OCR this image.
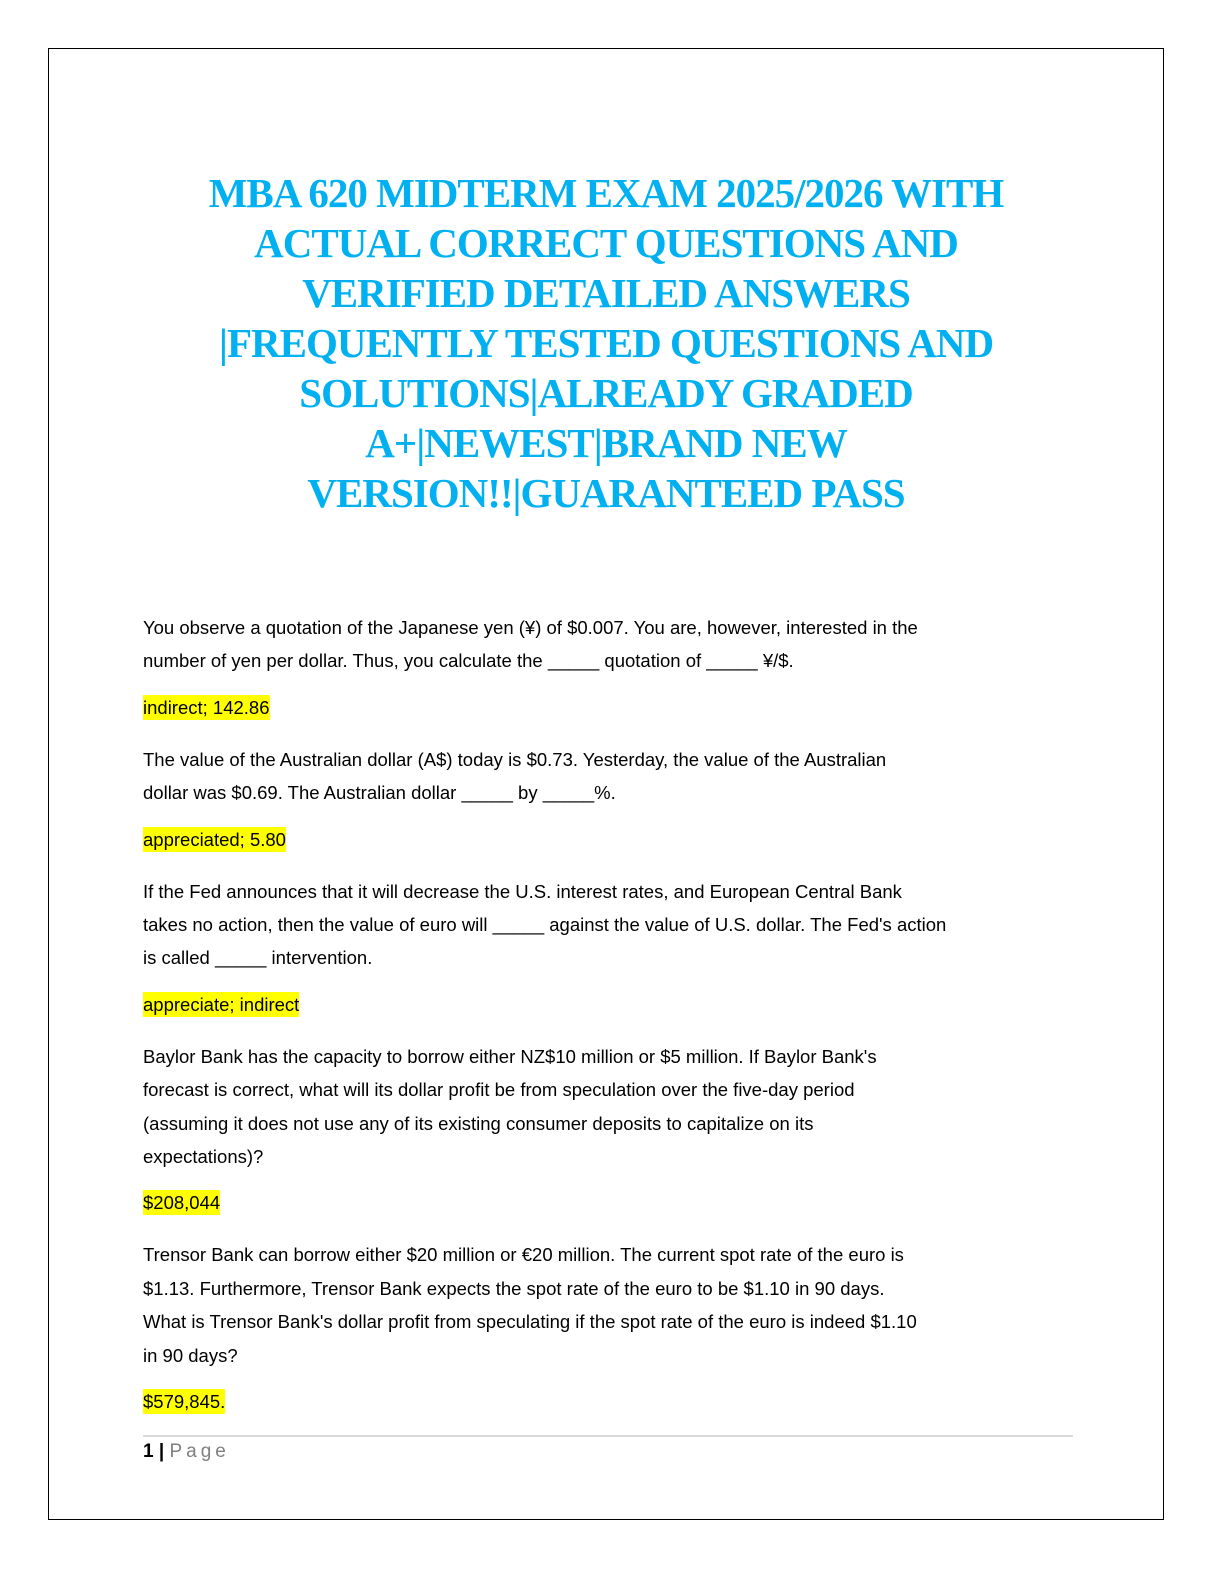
MBA 620 MIDTERM EXAM 2025/2026 WITH
ACTUAL CORRECT QUESTIONS AND
VERIFIED DETAILED ANSWERS
|FREQUENTLY TESTED QUESTIONS AND
SOLUTIONS|ALREADY GRADED
A+|NEWEST|BRAND NEW
VERSION!!|GUARANTEED PASS
You observe a quotation of the Japanese yen (¥) of $0.007. You are, however, interested in the
number of yen per dollar. Thus, you calculate the _____ quotation of _____ ¥/$.
indirect; 142.86
The value of the Australian dollar (A$) today is $0.73. Yesterday, the value of the Australian
dollar was $0.69. The Australian dollar _____ by _____%.
appreciated; 5.80
If the Fed announces that it will decrease the U.S. interest rates, and European Central Bank
takes no action, then the value of euro will _____ against the value of U.S. dollar. The Fed's action
is called _____ intervention.
appreciate; indirect
Baylor Bank has the capacity to borrow either NZ$10 million or $5 million. If Baylor Bank's
forecast is correct, what will its dollar profit be from speculation over the five-day period
(assuming it does not use any of its existing consumer deposits to capitalize on its
expectations)?
$208,044
Trensor Bank can borrow either $20 million or €20 million. The current spot rate of the euro is
$1.13. Furthermore, Trensor Bank expects the spot rate of the euro to be $1.10 in 90 days.
What is Trensor Bank's dollar profit from speculating if the spot rate of the euro is indeed $1.10
in 90 days?
$579,845.
1 | Page
